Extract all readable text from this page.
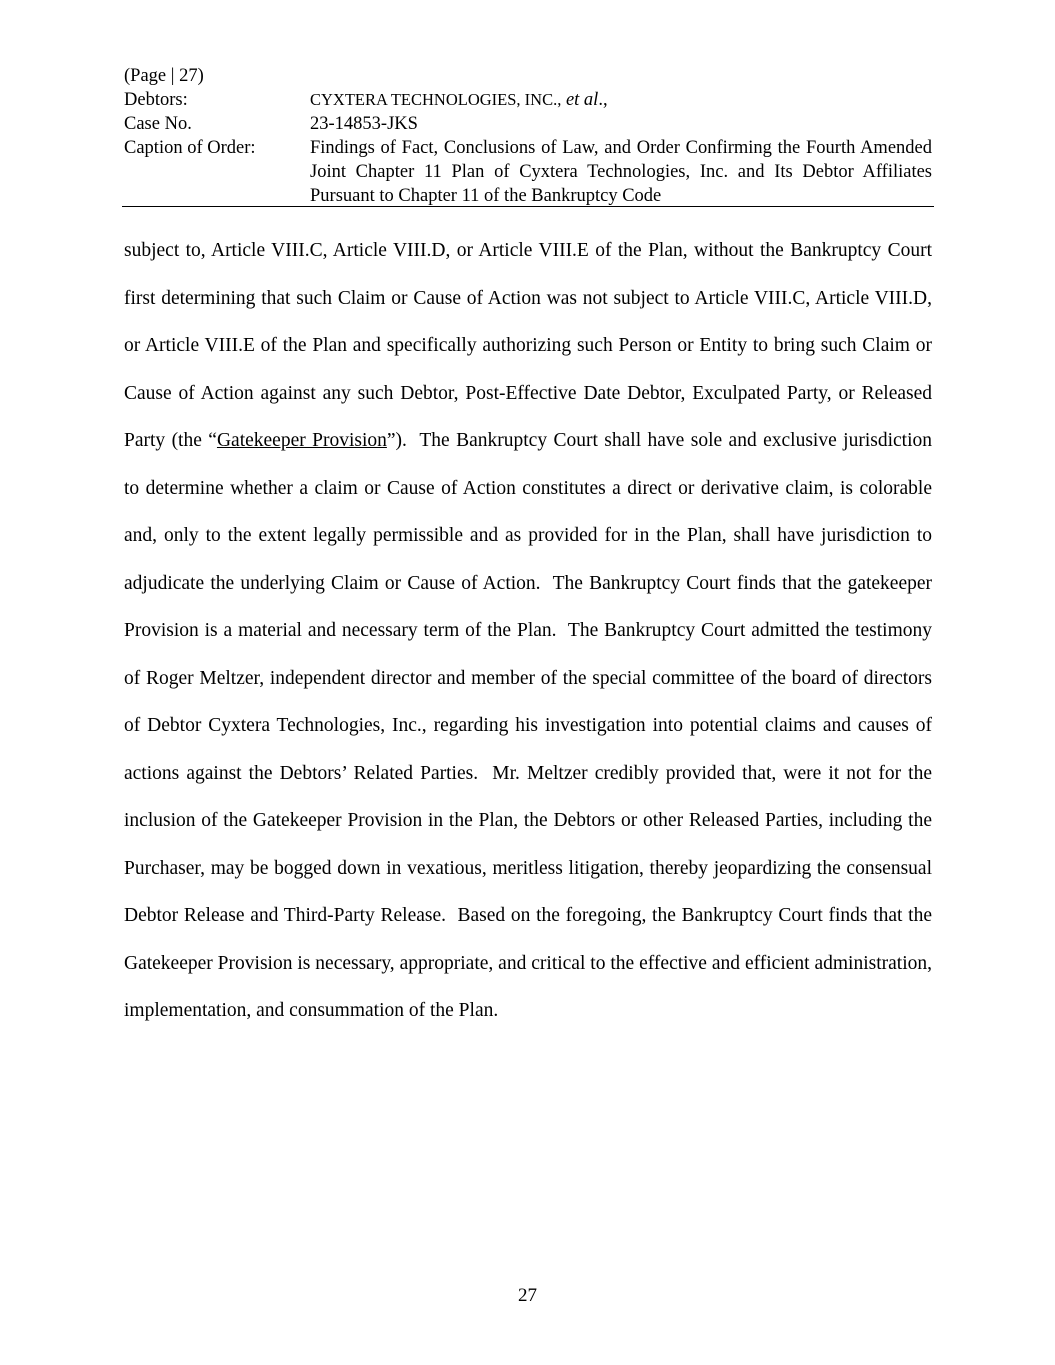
(Page | 27)
Debtors:	CYXTERA TECHNOLOGIES, INC., et al.,
Case No.	23-14853-JKS
Caption of Order:	Findings of Fact, Conclusions of Law, and Order Confirming the Fourth Amended Joint Chapter 11 Plan of Cyxtera Technologies, Inc. and Its Debtor Affiliates Pursuant to Chapter 11 of the Bankruptcy Code

subject to, Article VIII.C, Article VIII.D, or Article VIII.E of the Plan, without the Bankruptcy Court first determining that such Claim or Cause of Action was not subject to Article VIII.C, Article VIII.D, or Article VIII.E of the Plan and specifically authorizing such Person or Entity to bring such Claim or Cause of Action against any such Debtor, Post-Effective Date Debtor, Exculpated Party, or Released Party (the “Gatekeeper Provision”).  The Bankruptcy Court shall have sole and exclusive jurisdiction to determine whether a claim or Cause of Action constitutes a direct or derivative claim, is colorable and, only to the extent legally permissible and as provided for in the Plan, shall have jurisdiction to adjudicate the underlying Claim or Cause of Action.  The Bankruptcy Court finds that the gatekeeper Provision is a material and necessary term of the Plan.  The Bankruptcy Court admitted the testimony of Roger Meltzer, independent director and member of the special committee of the board of directors of Debtor Cyxtera Technologies, Inc., regarding his investigation into potential claims and causes of actions against the Debtors’ Related Parties.  Mr. Meltzer credibly provided that, were it not for the inclusion of the Gatekeeper Provision in the Plan, the Debtors or other Released Parties, including the Purchaser, may be bogged down in vexatious, meritless litigation, thereby jeopardizing the consensual Debtor Release and Third-Party Release.  Based on the foregoing, the Bankruptcy Court finds that the Gatekeeper Provision is necessary, appropriate, and critical to the effective and efficient administration, implementation, and consummation of the Plan.

27
